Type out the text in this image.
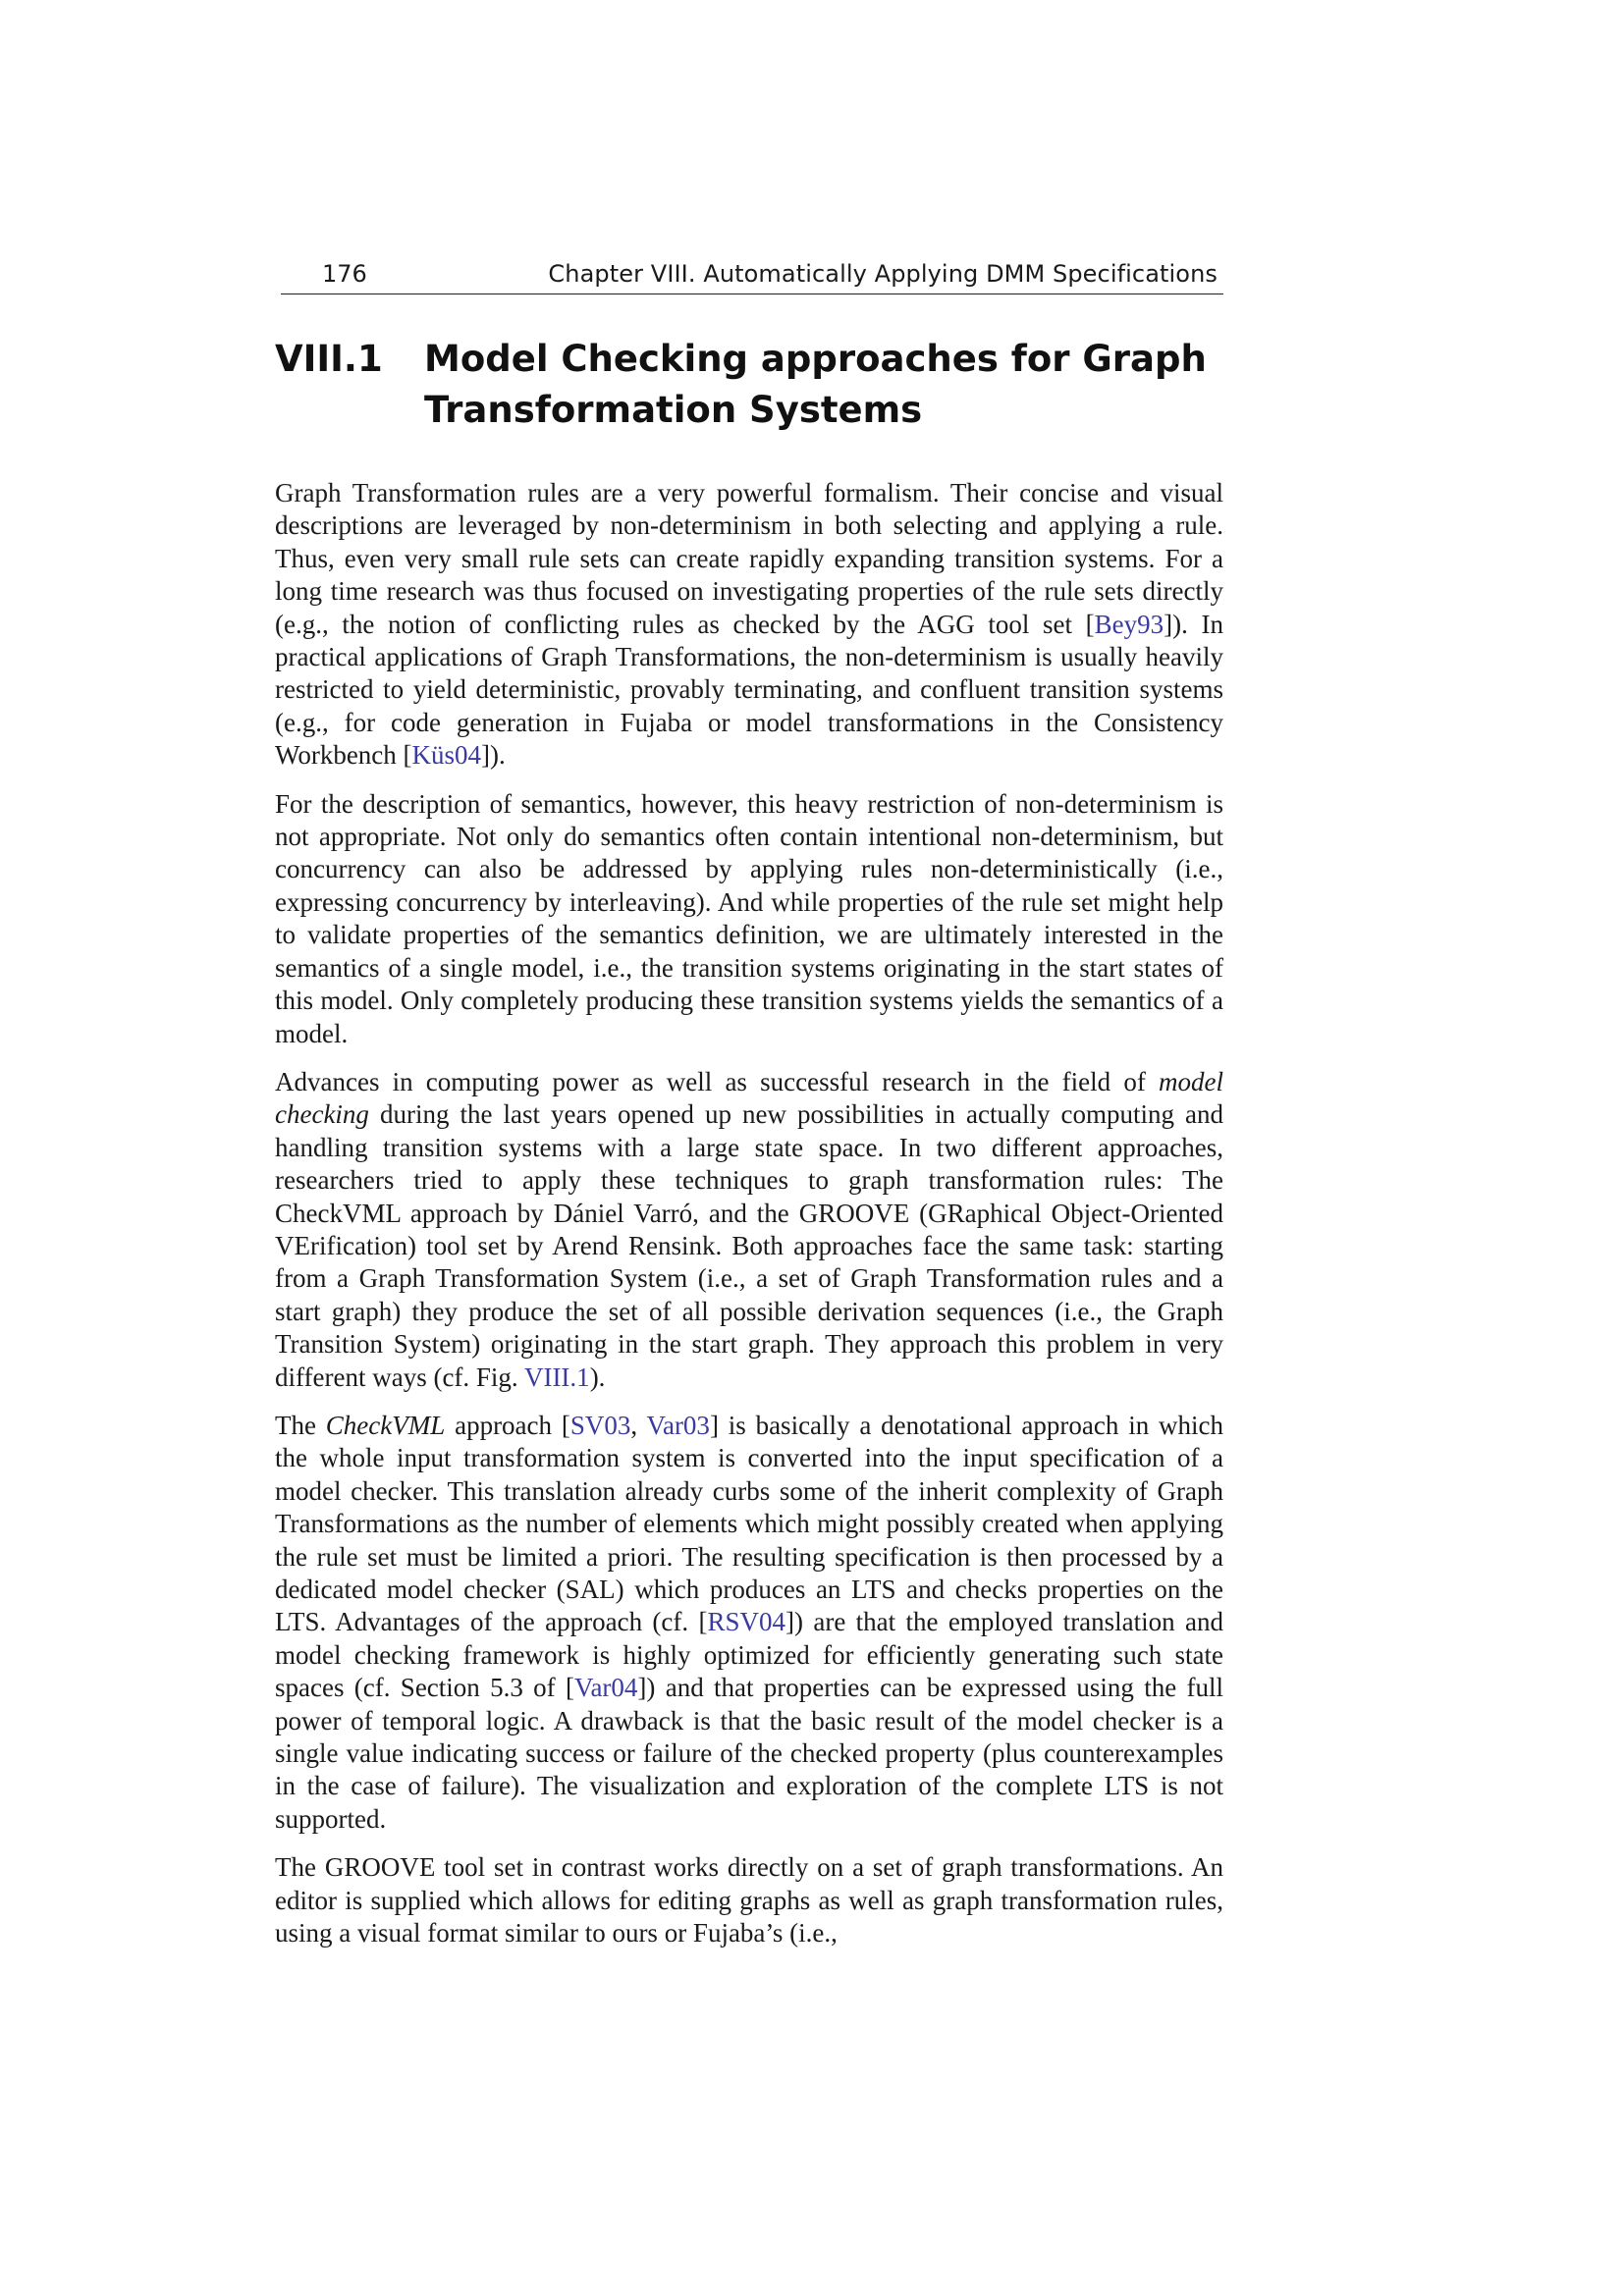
176	Chapter VIII. Automatically Applying DMM Specifications
VIII.1 Model Checking approaches for Graph Transformation Systems

Graph Transformation rules are a very powerful formalism. Their concise and visual descriptions are leveraged by non-determinism in both selecting and applying a rule. Thus, even very small rule sets can create rapidly expanding transition systems. For a long time research was thus focused on investigating properties of the rule sets directly (e.g., the notion of conflicting rules as checked by the AGG tool set [Bey93]). In practical applications of Graph Transformations, the non-determinism is usually heavily restricted to yield deterministic, provably terminating, and confluent transition systems (e.g., for code generation in Fujaba or model transformations in the Consistency Workbench [Küs04]).

For the description of semantics, however, this heavy restriction of non-determinism is not appropriate. Not only do semantics often contain intentional non-determinism, but concurrency can also be addressed by applying rules non-deterministically (i.e., expressing concurrency by interleaving). And while properties of the rule set might help to validate properties of the semantics definition, we are ultimately interested in the semantics of a single model, i.e., the transition systems originating in the start states of this model. Only completely producing these transition systems yields the semantics of a model.

Advances in computing power as well as successful research in the field of model checking during the last years opened up new possibilities in actually computing and handling transition systems with a large state space. In two different approaches, researchers tried to apply these techniques to graph transformation rules: The CheckVML approach by Dániel Varró, and the GROOVE (GRaphical Object-Oriented VErification) tool set by Arend Rensink. Both approaches face the same task: starting from a Graph Transformation System (i.e., a set of Graph Transformation rules and a start graph) they produce the set of all possible derivation sequences (i.e., the Graph Transition System) originating in the start graph. They approach this problem in very different ways (cf. Fig. VIII.1).

The CheckVML approach [SV03, Var03] is basically a denotational approach in which the whole input transformation system is converted into the input specification of a model checker. This translation already curbs some of the inherit complexity of Graph Transformations as the number of elements which might possibly created when applying the rule set must be limited a priori. The resulting specification is then processed by a dedicated model checker (SAL) which produces an LTS and checks properties on the LTS. Advantages of the approach (cf. [RSV04]) are that the employed translation and model checking framework is highly optimized for efficiently generating such state spaces (cf. Section 5.3 of [Var04]) and that properties can be expressed using the full power of temporal logic. A drawback is that the basic result of the model checker is a single value indicating success or failure of the checked property (plus counterexamples in the case of failure). The visualization and exploration of the complete LTS is not supported.

The GROOVE tool set in contrast works directly on a set of graph transformations. An editor is supplied which allows for editing graphs as well as graph transformation rules, using a visual format similar to ours or Fujaba’s (i.e.,
